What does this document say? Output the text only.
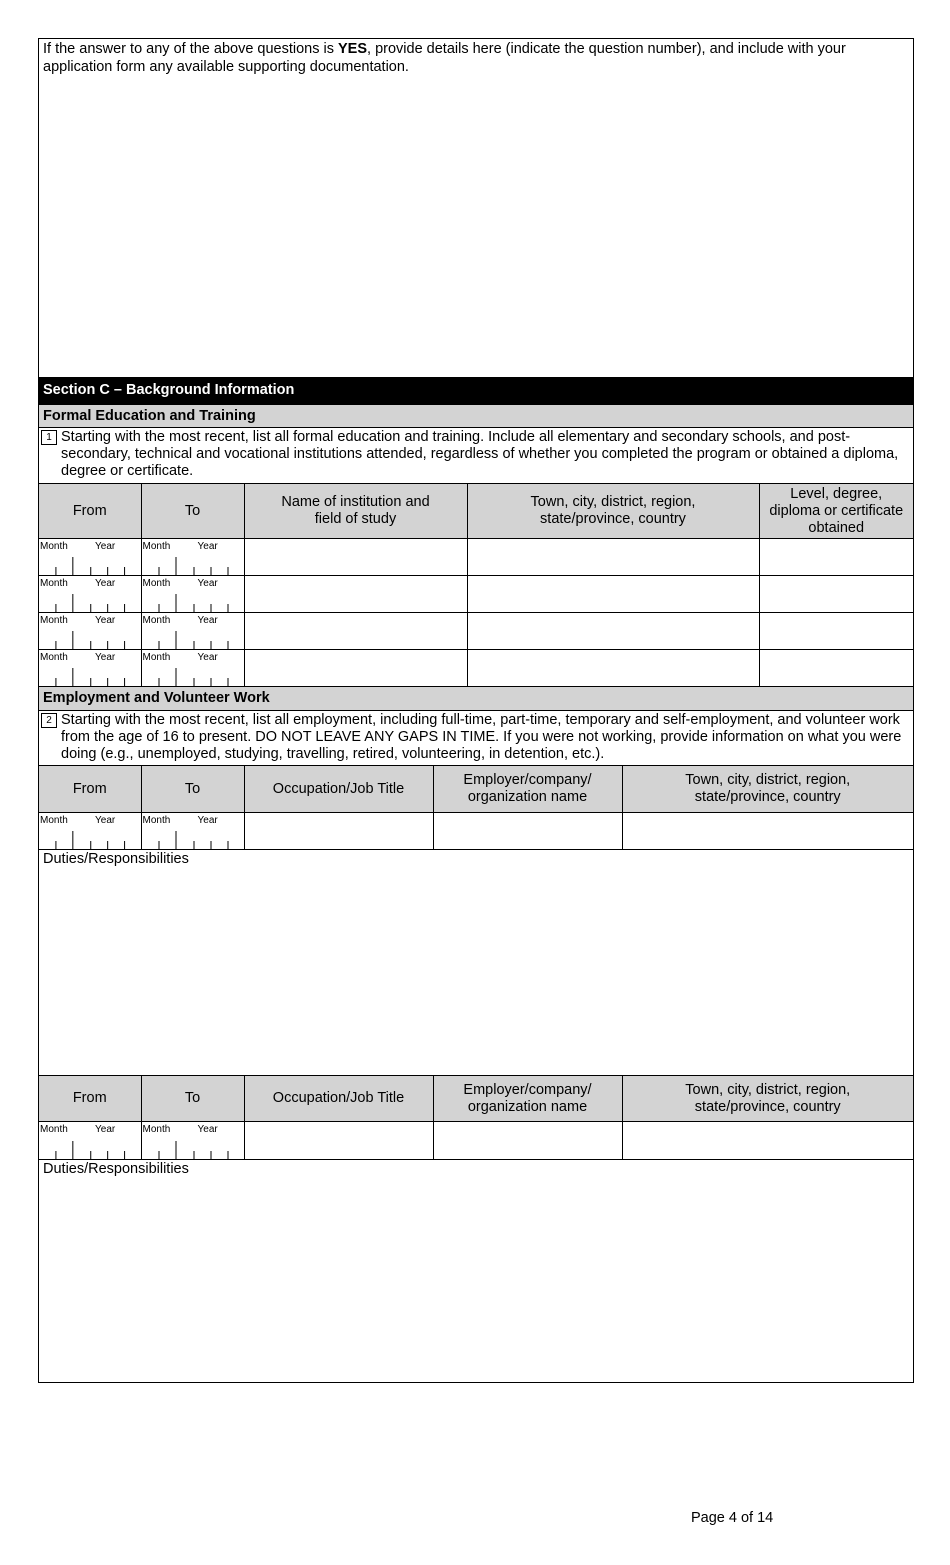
If the answer to any of the above questions is YES, provide details here (indicate the question number), and include with your application form any available supporting documentation.
Section C – Background Information
Formal Education and Training
1 Starting with the most recent, list all formal education and training. Include all elementary and secondary schools, and post-secondary, technical and vocational institutions attended, regardless of whether you completed the program or obtained a diploma, degree or certificate.
From	To	Name of institution and field of study	Town, city, district, region, state/province, country	Level, degree, diploma or certificate obtained

Month Year	Month Year			

Month Year	Month Year			

Month Year	Month Year			

Month Year	Month Year			

Employment and Volunteer Work
2 Starting with the most recent, list all employment, including full-time, part-time, temporary and self-employment, and volunteer work from the age of 16 to present. DO NOT LEAVE ANY GAPS IN TIME. If you were not working, provide information on what you were doing (e.g., unemployed, studying, travelling, retired, volunteering, in detention, etc.).
From	To	Occupation/Job Title	Employer/company/ organization name	Town, city, district, region, state/province, country

Month Year	Month Year			

Duties/Responsibilities
From	To	Occupation/Job Title	Employer/company/ organization name	Town, city, district, region, state/province, country

Month Year	Month Year			

Duties/Responsibilities
Page 4 of 14
